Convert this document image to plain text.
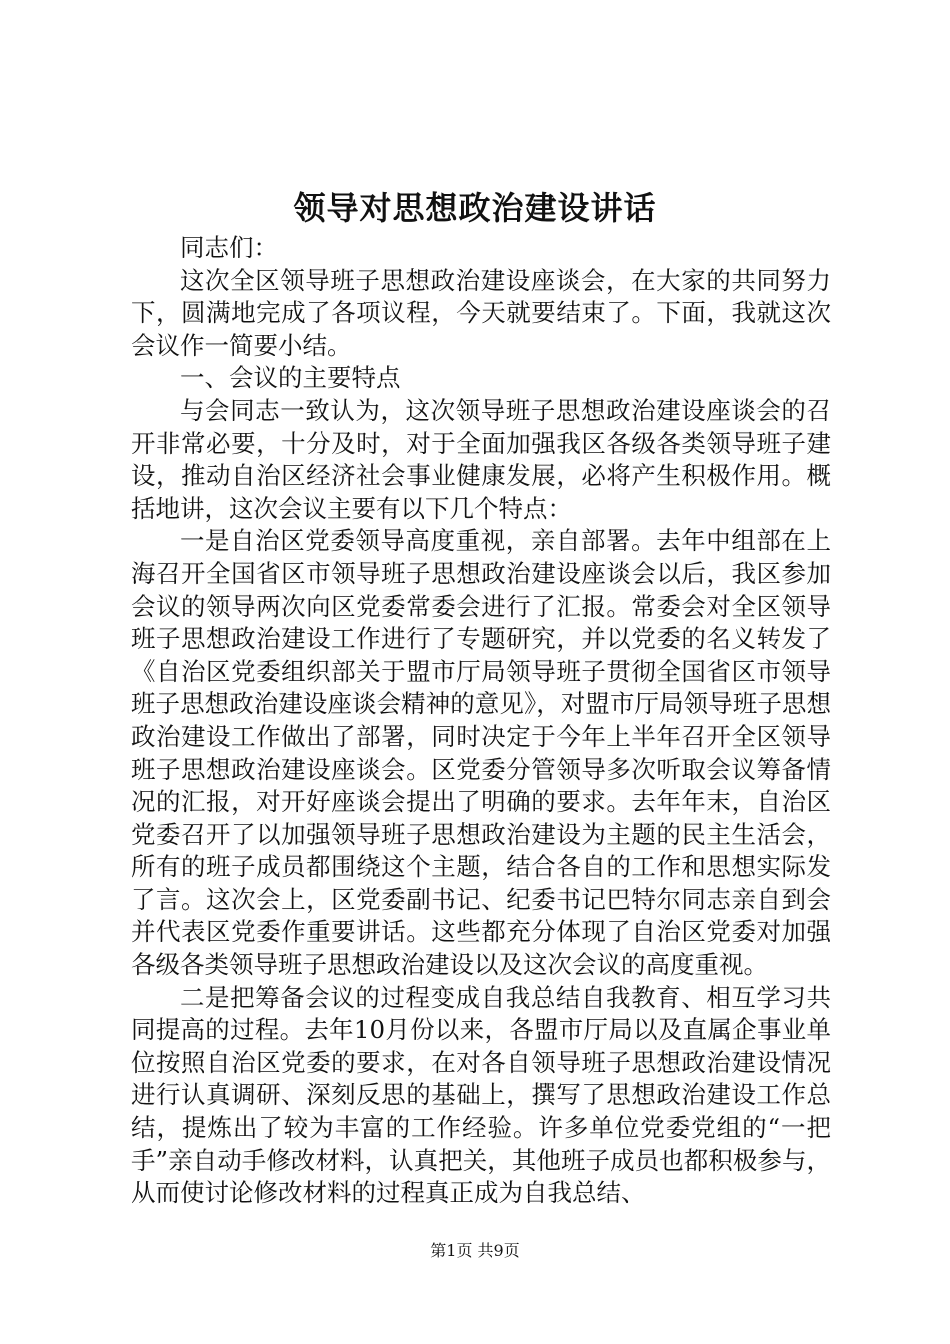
领导对思想政治建设讲话

同志们：

这次全区领导班子思想政治建设座谈会，在大家的共同努力下，圆满地完成了各项议程，今天就要结束了。下面，我就这次会议作一简要小结。

一、会议的主要特点

与会同志一致认为，这次领导班子思想政治建设座谈会的召开非常必要，十分及时，对于全面加强我区各级各类领导班子建设，推动自治区经济社会事业健康发展，必将产生积极作用。概括地讲，这次会议主要有以下几个特点：

一是自治区党委领导高度重视，亲自部署。去年中组部在上海召开全国省区市领导班子思想政治建设座谈会以后，我区参加会议的领导两次向区党委常委会进行了汇报。常委会对全区领导班子思想政治建设工作进行了专题研究，并以党委的名义转发了《自治区党委组织部关于盟市厅局领导班子贯彻全国省区市领导班子思想政治建设座谈会精神的意见》，对盟市厅局领导班子思想政治建设工作做出了部署，同时决定于今年上半年召开全区领导班子思想政治建设座谈会。区党委分管领导多次听取会议筹备情况的汇报，对开好座谈会提出了明确的要求。去年年末，自治区党委召开了以加强领导班子思想政治建设为主题的民主生活会，所有的班子成员都围绕这个主题，结合各自的工作和思想实际发了言。这次会上，区党委副书记、纪委书记巴特尔同志亲自到会并代表区党委作重要讲话。这些都充分体现了自治区党委对加强各级各类领导班子思想政治建设以及这次会议的高度重视。

二是把筹备会议的过程变成自我总结自我教育、相互学习共同提高的过程。去年10月份以来，各盟市厅局以及直属企事业单位按照自治区党委的要求，在对各自领导班子思想政治建设情况进行认真调研、深刻反思的基础上，撰写了思想政治建设工作总结，提炼出了较为丰富的工作经验。许多单位党委党组的“一把手”亲自动手修改材料，认真把关，其他班子成员也都积极参与，从而使讨论修改材料的过程真正成为自我总结、

第1页 共9页
